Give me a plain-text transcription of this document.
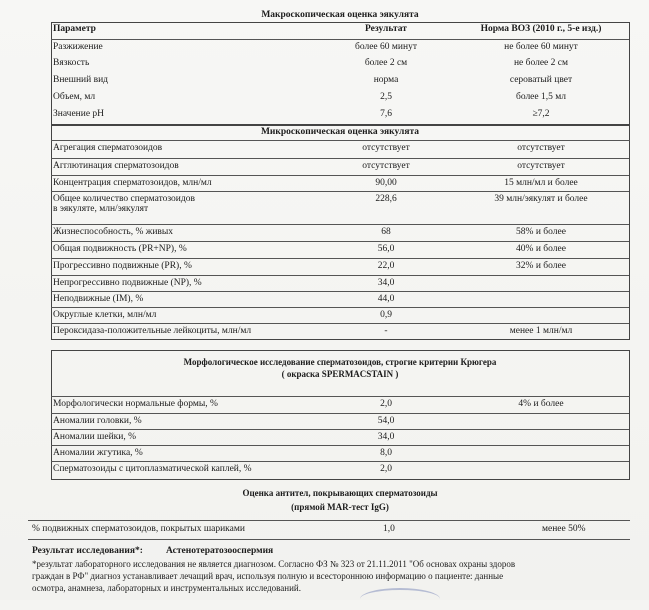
Макроскопическая оценка эякулята
Параметр	Результат	Норма ВОЗ (2010 г., 5-е изд.)
Разжижение	более 60 минут	не более 60 минут
Вязкость	более 2 см	не более 2 см
Внешний вид	норма	сероватый цвет
Объем, мл	2,5	более 1,5 мл
Значение pH	7,6	≥7,2
Микроскопическая оценка эякулята
Агрегация сперматозоидов	отсутствует	отсутствует
Агглютинация сперматозоидов	отсутствует	отсутствует
Концентрация сперматозоидов, млн/мл	90,00	15 млн/мл и более
Общее количество сперматозоидов
в эякуляте, млн/эякулят
228,6	39 млн/эякулят и более
Жизнеспособность, % живых	68	58% и более
Общая подвижность (PR+NP), %	56,0	40% и более
Прогрессивно подвижные (PR), %	22,0	32% и более
Непрогрессивно подвижные (NP), %	34,0
Неподвижные (IM), %	44,0
Округлые клетки, млн/мл	0,9
Пероксидаза-положительные лейкоциты, млн/мл	-	менее 1 млн/мл
Морфологическое исследование сперматозоидов, строгие критерии Крюгера
( окраска SPERMACSTAIN )
Морфологически нормальные формы, %	2,0	4% и более
Аномалии головки, %	54,0
Аномалии шейки, %	34,0
Аномалии жгутика, %	8,0
Сперматозоиды с цитоплазматической каплей, %	2,0
Оценка антител, покрывающих сперматозоиды
(прямой MAR-тест IgG)
% подвижных сперматозоидов, покрытых шариками	1,0	менее 50%
Результат исследования*: Астенотератозооспермия
*результат лабораторного исследования не является диагнозом. Согласно ФЗ № 323 от 21.11.2011 "Об основах охраны здоров
граждан в РФ" диагноз устанавливает лечащий врач, используя полную и всестороннюю информацию о пациенте: данные
осмотра, анамнеза, лабораторных и инструментальных исследований.
